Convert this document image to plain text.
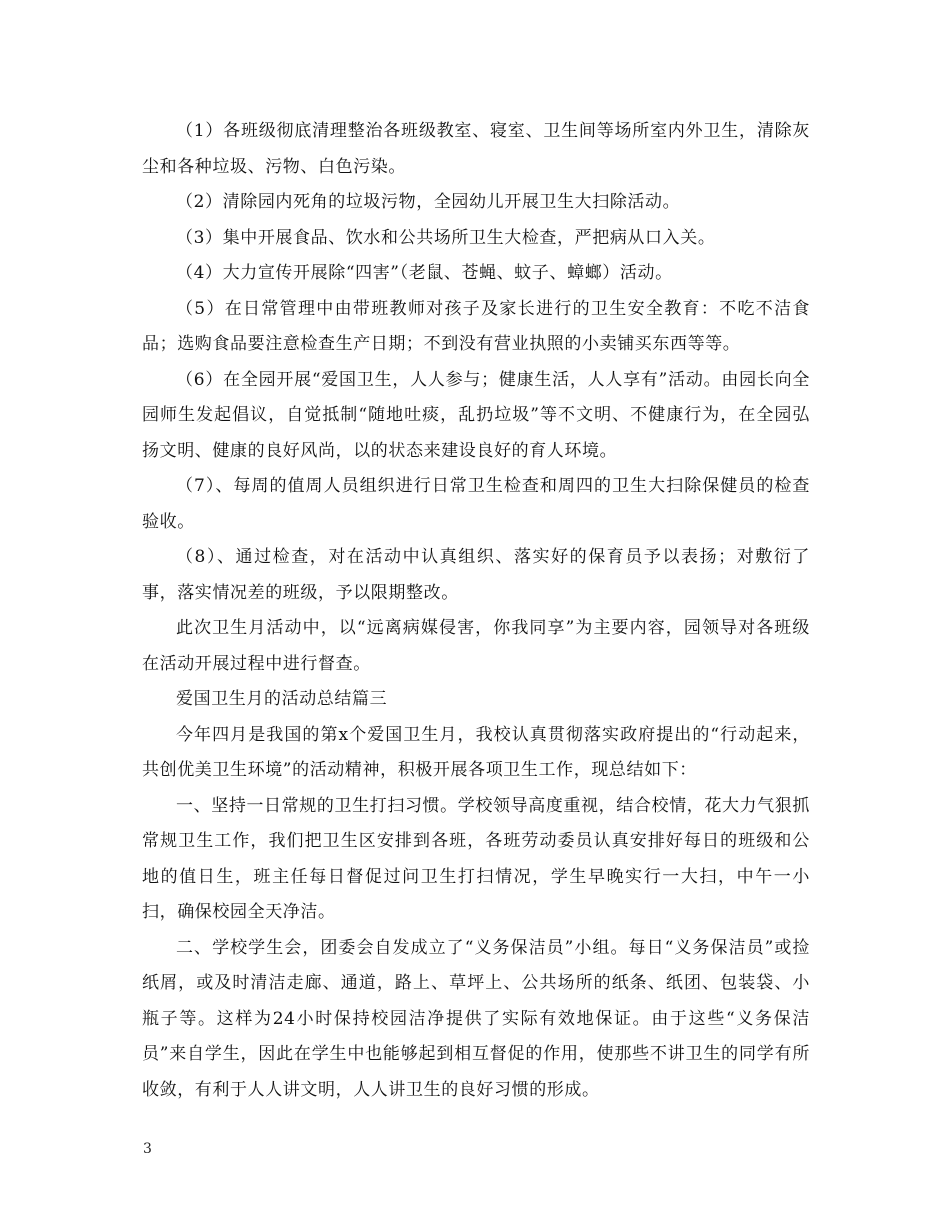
（1）各班级彻底清理整治各班级教室、寝室、卫生间等场所室内外卫生，清除灰尘和各种垃圾、污物、白色污染。

（2）清除园内死角的垃圾污物，全园幼儿开展卫生大扫除活动。

（3）集中开展食品、饮水和公共场所卫生大检查，严把病从口入关。

（4）大力宣传开展除“四害”（老鼠、苍蝇、蚊子、蟑螂）活动。

（5）在日常管理中由带班教师对孩子及家长进行的卫生安全教育：不吃不洁食品；选购食品要注意检查生产日期；不到没有营业执照的小卖铺买东西等等。

（6）在全园开展“爱国卫生，人人参与；健康生活，人人享有”活动。由园长向全园师生发起倡议，自觉抵制“随地吐痰，乱扔垃圾”等不文明、不健康行为，在全园弘扬文明、健康的良好风尚，以的状态来建设良好的育人环境。

（7）、每周的值周人员组织进行日常卫生检查和周四的卫生大扫除保健员的检查验收。

（8）、通过检查，对在活动中认真组织、落实好的保育员予以表扬；对敷衍了事，落实情况差的班级，予以限期整改。

此次卫生月活动中，以“远离病媒侵害，你我同享”为主要内容，园领导对各班级在活动开展过程中进行督查。

爱国卫生月的活动总结篇三

今年四月是我国的第x个爱国卫生月，我校认真贯彻落实政府提出的“行动起来，共创优美卫生环境”的活动精神，积极开展各项卫生工作，现总结如下：

一、坚持一日常规的卫生打扫习惯。学校领导高度重视，结合校情，花大力气狠抓常规卫生工作，我们把卫生区安排到各班，各班劳动委员认真安排好每日的班级和公地的值日生，班主任每日督促过问卫生打扫情况，学生早晚实行一大扫，中午一小扫，确保校园全天净洁。

二、学校学生会，团委会自发成立了“义务保洁员”小组。每日“义务保洁员”或捡纸屑，或及时清洁走廊、通道，路上、草坪上、公共场所的纸条、纸团、包装袋、小瓶子等。这样为24小时保持校园洁净提供了实际有效地保证。由于这些“义务保洁员”来自学生，因此在学生中也能够起到相互督促的作用，使那些不讲卫生的同学有所收敛，有利于人人讲文明，人人讲卫生的良好习惯的形成。

3
